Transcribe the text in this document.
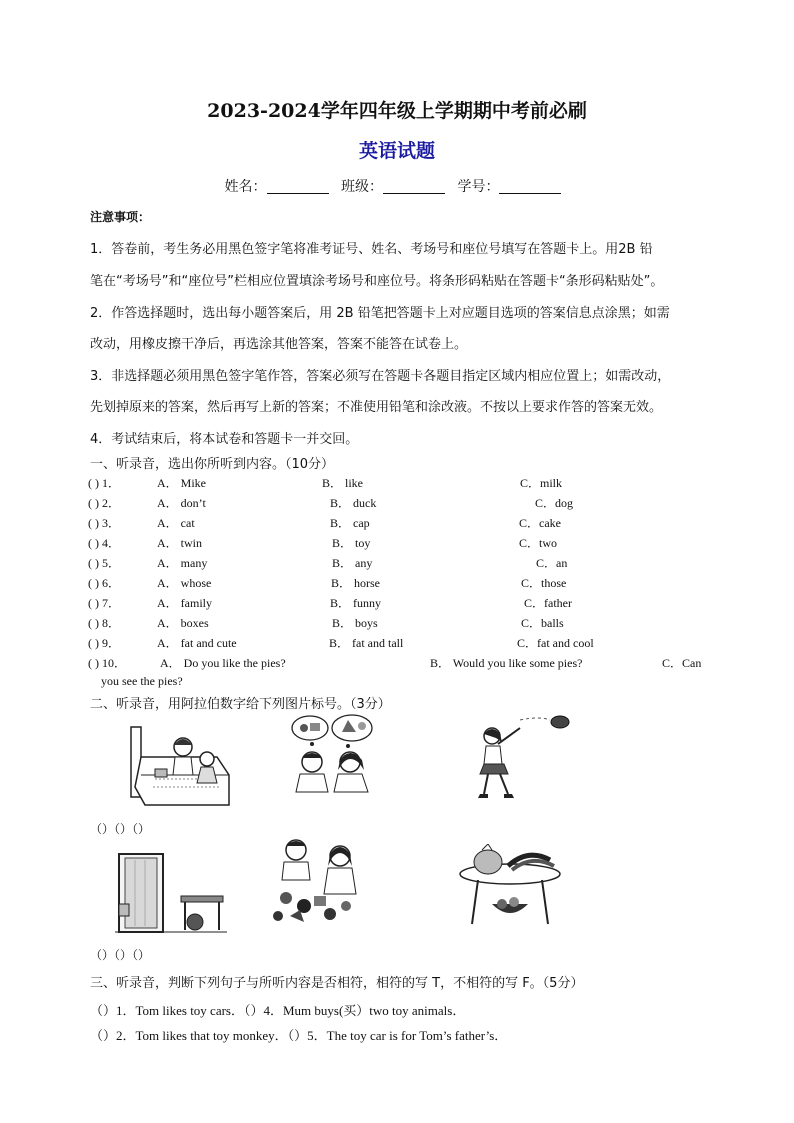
2023-2024学年四年级上学期期中考前必刷
英语试题
姓名：	班级：	学号：
注意事项：
1．答卷前，考生务必用黑色签字笔将准考证号、姓名、考场号和座位号填写在答题卡上。用2B 铅
笔在“考场号”和“座位号”栏相应位置填涂考场号和座位号。将条形码粘贴在答题卡“条形码粘贴处”。
2．作答选择题时，选出每小题答案后，用 2B 铅笔把答题卡上对应题目选项的答案信息点涂黑；如需
改动，用橡皮擦干净后，再选涂其他答案，答案不能答在试卷上。
3．非选择题必须用黑色签字笔作答，答案必须写在答题卡各题目指定区域内相应位置上；如需改动，
先划掉原来的答案，然后再写上新的答案；不准使用铅笔和涂改液。不按以上要求作答的答案无效。
4．考试结束后，将本试卷和答题卡一并交回。
一、听录音，选出你所听到内容。（10分）
( ) 1．	A． Mike	B． like	C．milk
( ) 2．	A． don’t	B． duck	C．dog
( ) 3．	A． cat	B． cap	C．cake
( ) 4．	A． twin	B． toy	C．two
( ) 5．	A． many	B． any	C．an
( ) 6．	A． whose	B． horse	C．those
( ) 7．	A． family	B． funny	C．father
( ) 8．	A． boxes	B． boys	C．balls
( ) 9．	A． fat and cute	B． fat and tall	C．fat and cool
( ) 10．	A． Do you like the pies?	B． Would you like some pies?	C．Can
you see the pies?
二、听录音，用阿拉伯数字给下列图片标号。（3分）
（）（）（）
（）（）（）
三、听录音，判断下列句子与所听内容是否相符，相符的写 T，不相符的写 F。（5分）
（）1．Tom likes toy cars．（）4．Mum buys(买）two toy animals．
（）2．Tom likes that toy monkey．（）5．The toy car is for Tom’s father’s．
